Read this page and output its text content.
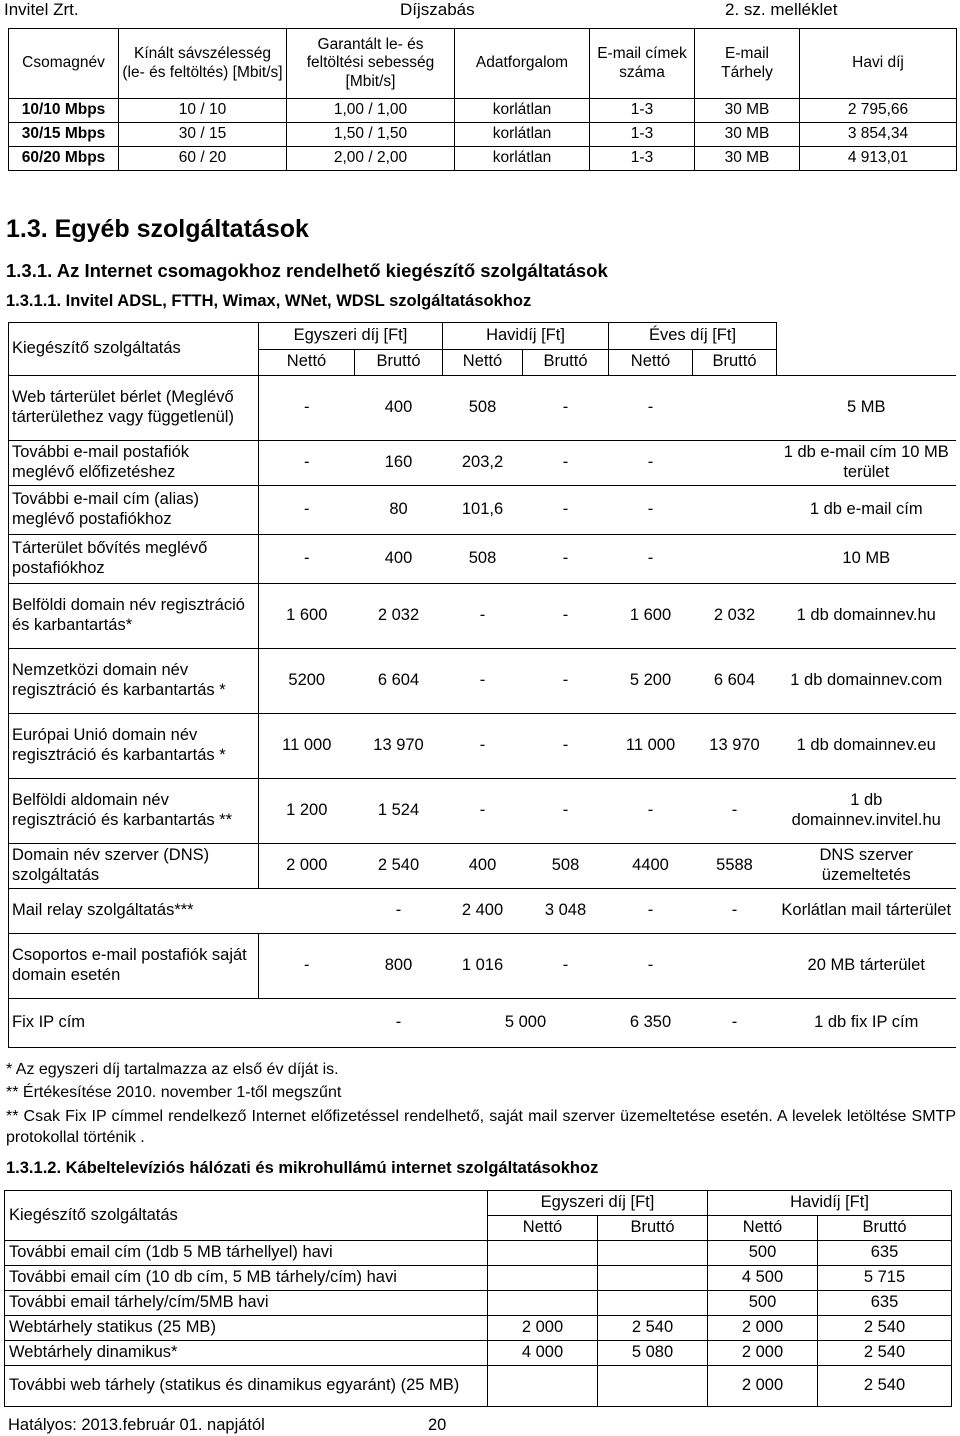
Invitel Zrt.	Díjszabás	2. sz. melléklet
Csomagnév	Kínált sávszélesség (le- és feltöltés) [Mbit/s]	Garantált le- és feltöltési sebesség [Mbit/s]	Adatforgalom	E-mail címek száma	E-mail Tárhely	Havi díj
10/10 Mbps	10 / 10	1,00 / 1,00	korlátlan	1-3	30 MB	2 795,66
30/15 Mbps	30 / 15	1,50 / 1,50	korlátlan	1-3	30 MB	3 854,34
60/20 Mbps	60 / 20	2,00 / 2,00	korlátlan	1-3	30 MB	4 913,01
1.3. Egyéb szolgáltatások
1.3.1. Az Internet csomagokhoz rendelhető kiegészítő szolgáltatások
1.3.1.1. Invitel ADSL, FTTH, Wimax, WNet, WDSL szolgáltatásokhoz
Kiegészítő szolgáltatás	Egyszeri díj [Ft]		Havidíj [Ft]		Éves díj [Ft]		
	Nettó	Bruttó	Nettó	Bruttó	Nettó	Bruttó	
Web tárterület bérlet (Meglévő tárterülethez vagy függetlenül)	-	400	508	-	-		5 MB
További e-mail postafiók meglévő előfizetéshez	-	160	203,2	-	-		1 db e-mail cím 10 MB terület
További e-mail cím (alias) meglévő postafiókhoz	-	80	101,6	-	-		1 db e-mail cím
Tárterület bővítés meglévő postafiókhoz	-	400	508	-	-		10 MB
Belföldi domain név regisztráció és karbantartás*	1 600	2 032	-	-	1 600	2 032	1 db domainnev.hu
Nemzetközi domain név regisztráció és karbantartás *	5200	6 604	-	-	5 200	6 604	1 db domainnev.com
Európai Unió domain név regisztráció és karbantartás *	11 000	13 970	-	-	11 000	13 970	1 db domainnev.eu
Belföldi aldomain név regisztráció és karbantartás **	1 200	1 524	-	-	-	-	1 db domainnev.invitel.hu
Domain név szerver (DNS) szolgáltatás	2 000	2 540	400	508	4400	5588	DNS szerver üzemeltetés
Mail relay szolgáltatás***		-	2 400	3 048	-	-	Korlátlan mail tárterület
Csoportos e-mail postafiók saját domain esetén	-	800	1 016	-	-		20 MB tárterület
Fix IP cím		-	5 000		6 350	-	1 db fix IP cím
* Az egyszeri díj tartalmazza az első év díját is.
** Értékesítése 2010. november 1-től megszűnt
** Csak Fix IP címmel rendelkező Internet előfizetéssel rendelhető, saját mail szerver üzemeltetése esetén. A levelek letöltése SMTP protokollal történik .
1.3.1.2. Kábeltelevíziós hálózati és mikrohullámú internet szolgáltatásokhoz
Kiegészítő szolgáltatás	Egyszeri díj [Ft]		Havidíj [Ft]	
	Nettó	Bruttó	Nettó	Bruttó
További email cím (1db 5 MB tárhellyel) havi			500	635
További email cím (10 db cím, 5 MB tárhely/cím) havi			4 500	5 715
További email tárhely/cím/5MB havi			500	635
Webtárhely statikus (25 MB)	2 000	2 540	2 000	2 540
Webtárhely dinamikus*	4 000	5 080	2 000	2 540
További web tárhely (statikus és dinamikus egyaránt) (25 MB)			2 000	2 540
Hatályos: 2013.február 01. napjától	20
